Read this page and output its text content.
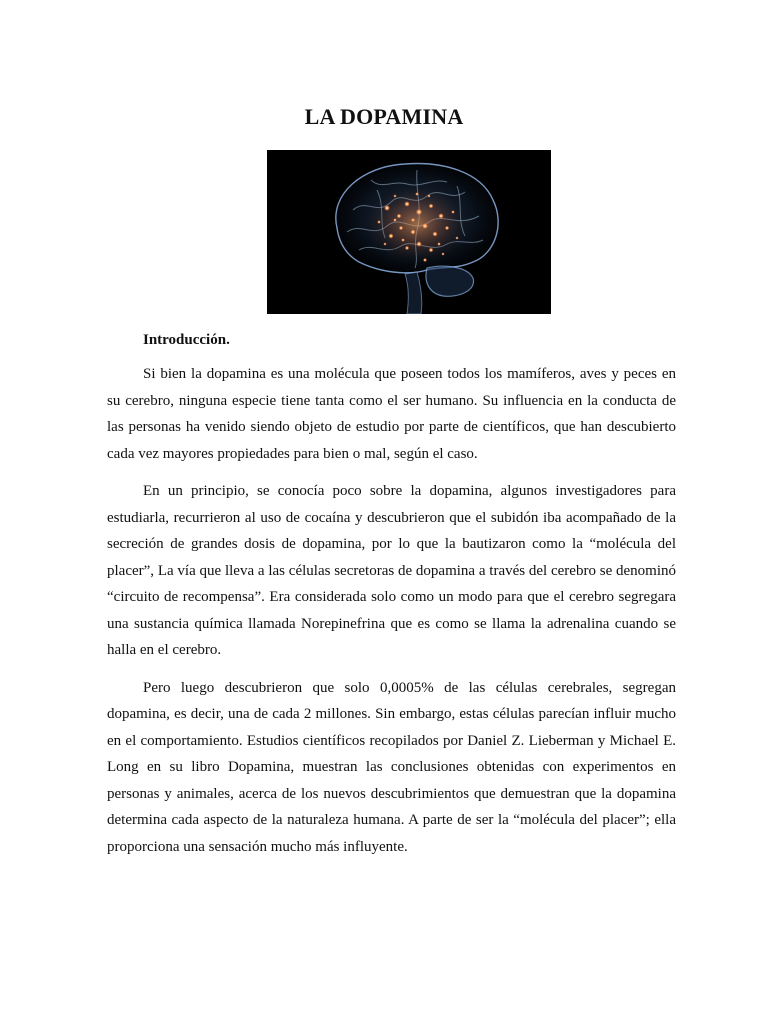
LA DOPAMINA
Introducción.

Si bien la dopamina es una molécula que poseen todos los mamíferos, aves y peces en su cerebro, ninguna especie tiene tanta como el ser humano. Su influencia en la conducta de las personas ha venido siendo objeto de estudio por parte de científicos, que han descubierto cada vez mayores propiedades para bien o mal, según el caso.

En un principio, se conocía poco sobre la dopamina, algunos investigadores para estudiarla, recurrieron al uso de cocaína y descubrieron que el subidón iba acompañado de la secreción de grandes dosis de dopamina, por lo que la bautizaron como la “molécula del placer”, La vía que lleva a las células secretoras de dopamina a través del cerebro se denominó “circuito de recompensa”. Era considerada solo como un modo para que el cerebro segregara una sustancia química llamada Norepinefrina que es como se llama la adrenalina cuando se halla en el cerebro.

Pero luego descubrieron que solo 0,0005% de las células cerebrales, segregan dopamina, es decir, una de cada 2 millones. Sin embargo, estas células parecían influir mucho en el comportamiento. Estudios científicos recopilados por Daniel Z. Lieberman y Michael E. Long en su libro Dopamina, muestran las conclusiones obtenidas con experimentos en personas y animales, acerca de los nuevos descubrimientos que demuestran que la dopamina determina cada aspecto de la naturaleza humana. A parte de ser la “molécula del placer”; ella proporciona una sensación mucho más influyente.
